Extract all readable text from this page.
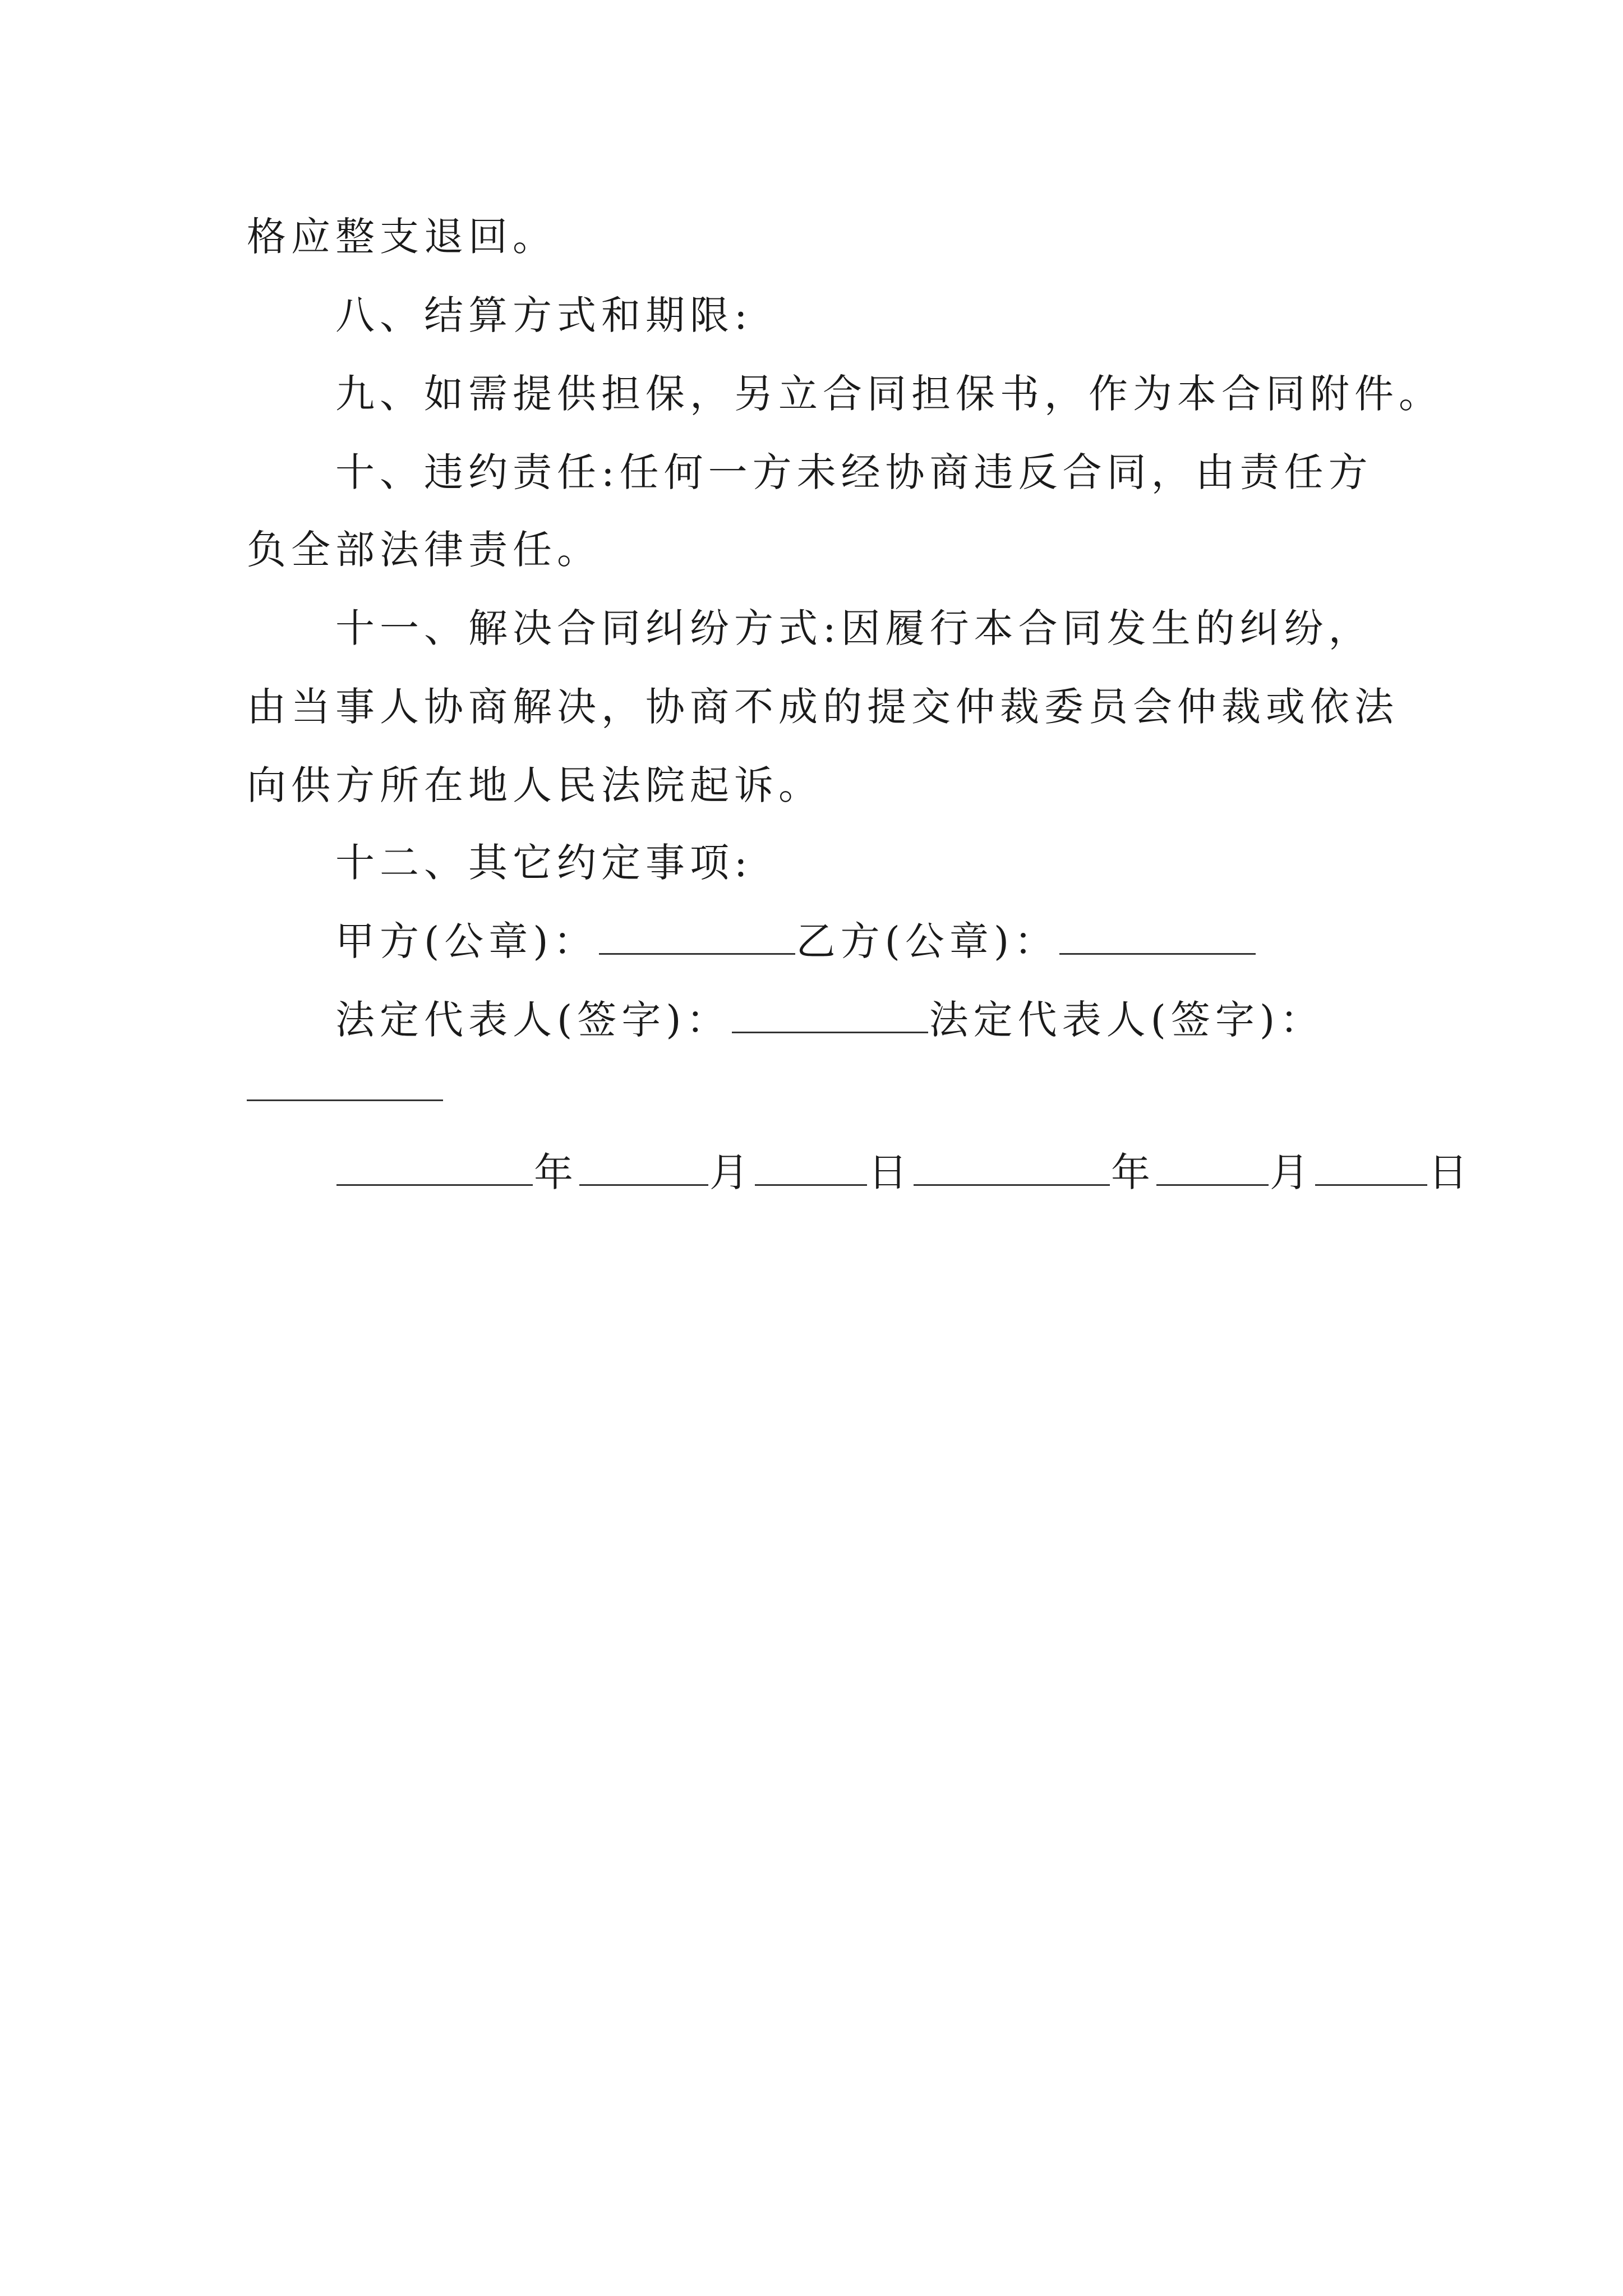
格应整支退回。
八、结算方式和期限:
九、如需提供担保，另立合同担保书，作为本合同附件。
十、违约责任:任何一方未经协商违反合同，由责任方
负全部法律责任。
十一、解决合同纠纷方式:因履行本合同发生的纠纷，
由当事人协商解决，协商不成的提交仲裁委员会仲裁或依法
向供方所在地人民法院起诉。
十二、其它约定事项:
甲方(公章)：	乙方(公章)：
法定代表人(签字)：	法定代表人(签字)：
年	月	日	年	月	日
